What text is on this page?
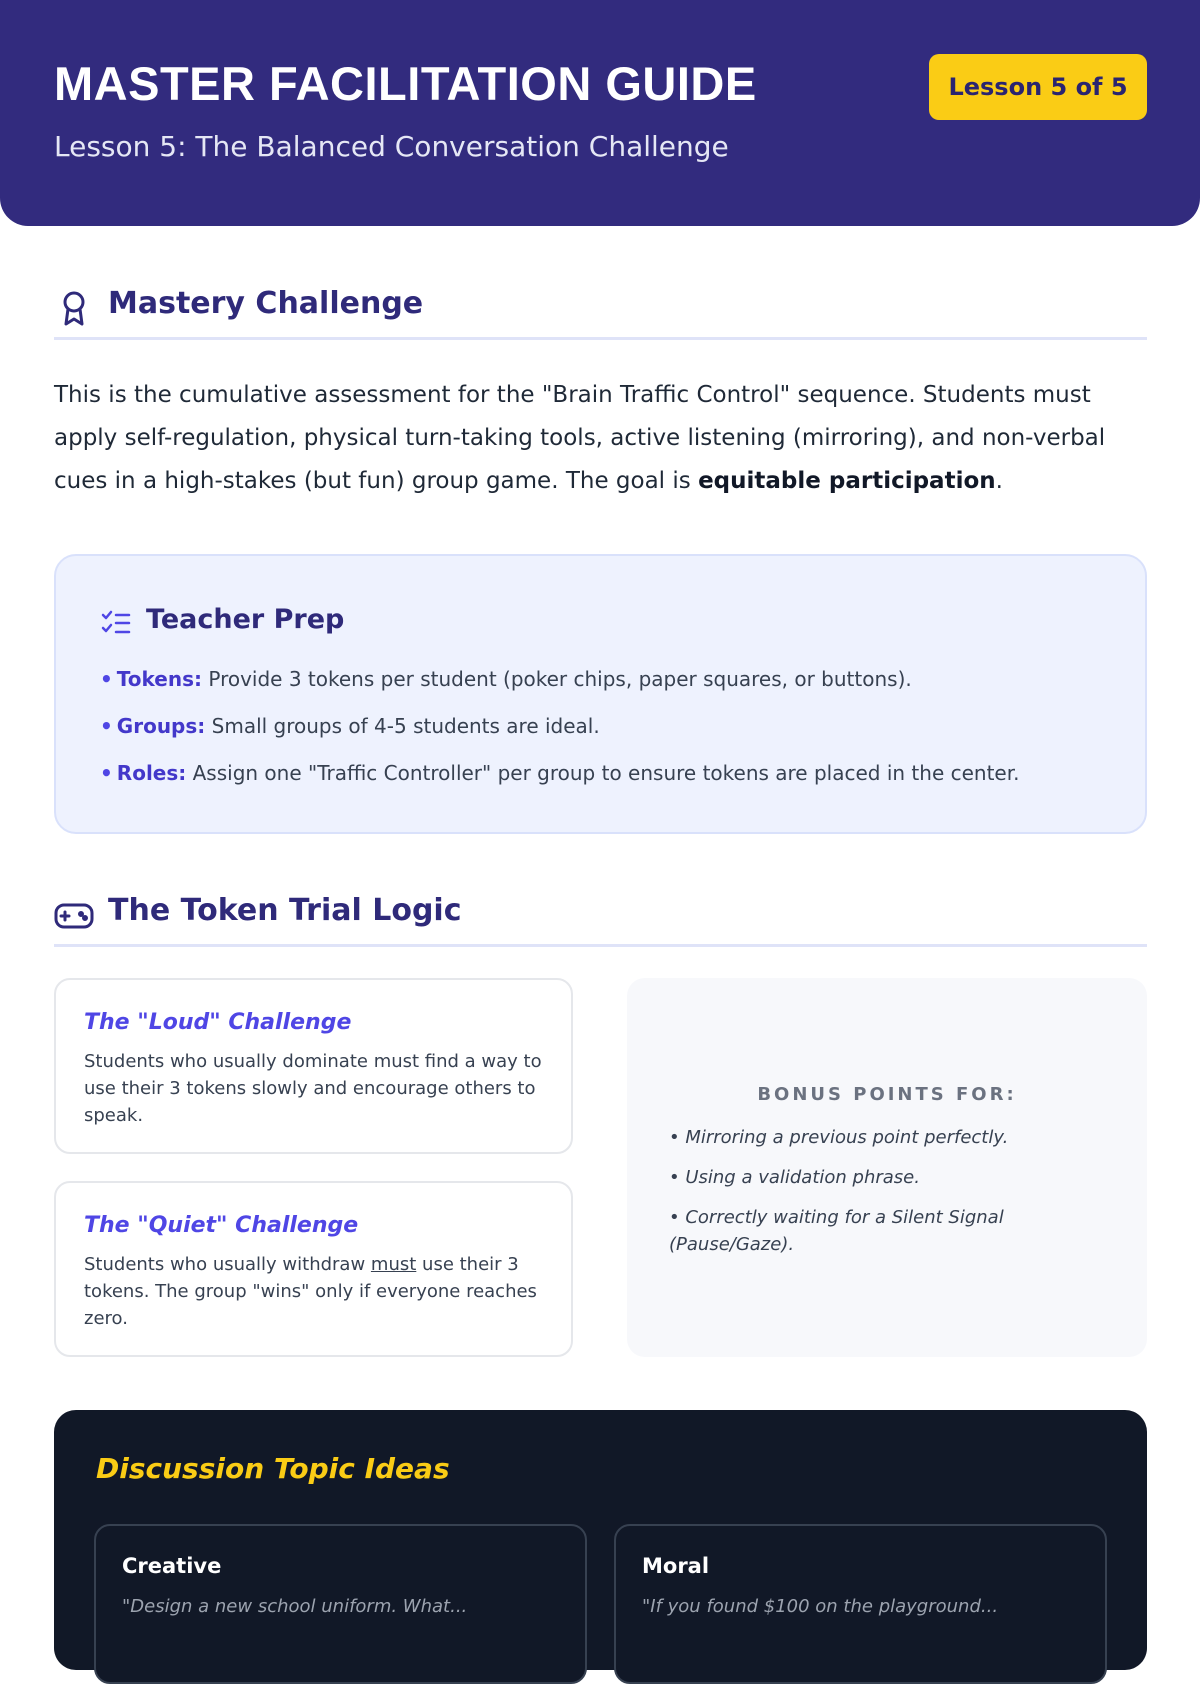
MASTER FACILITATION GUIDE
Lesson 5: The Balanced Conversation Challenge
Lesson 5 of 5
Mastery Challenge

This is the cumulative assessment for the "Brain Traffic Control" sequence. Students must apply self-regulation, physical turn-taking tools, active listening (mirroring), and non-verbal cues in a high-stakes (but fun) group game. The goal is equitable participation.

Teacher Prep
• Tokens: Provide 3 tokens per student (poker chips, paper squares, or buttons).
• Groups: Small groups of 4-5 students are ideal.
• Roles: Assign one "Traffic Controller" per group to ensure tokens are placed in the center.
The Token Trial Logic
The "Loud" Challenge
Students who usually dominate must find a way to use their 3 tokens slowly and encourage others to speak.
The "Quiet" Challenge
Students who usually withdraw must use their 3 tokens. The group "wins" only if everyone reaches zero.
BONUS POINTS FOR:
• Mirroring a previous point perfectly.
• Using a validation phrase.
• Correctly waiting for a Silent Signal (Pause/Gaze).
Discussion Topic Ideas
Creative
"Design a new school uniform. What...
Moral
"If you found $100 on the playground...
